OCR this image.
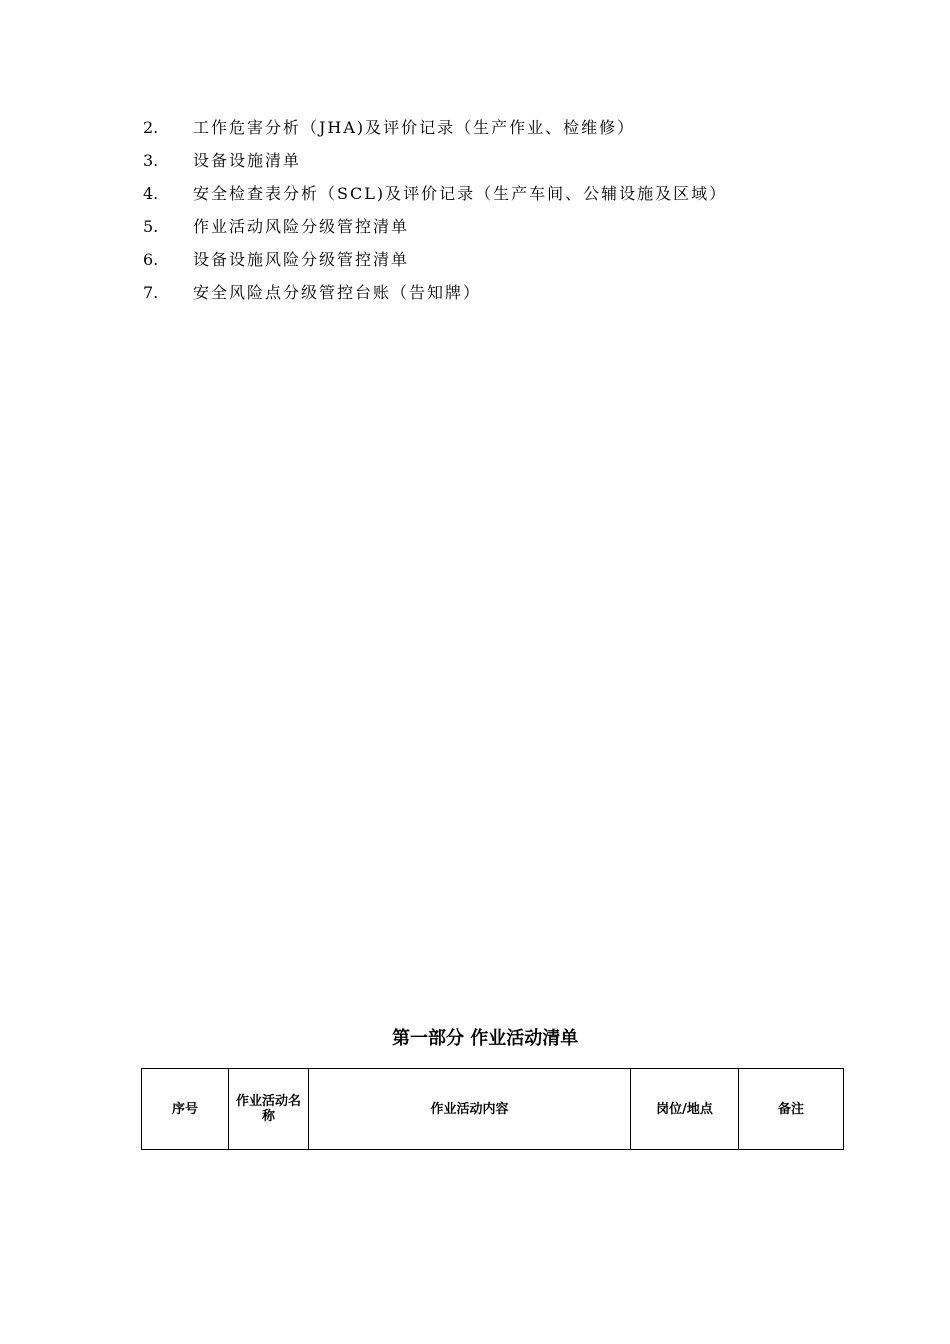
2. 工作危害分析（JHA)及评价记录（生产作业、检维修）
3. 设备设施清单
4. 安全检查表分析（SCL)及评价记录（生产车间、公辅设施及区域）
5. 作业活动风险分级管控清单
6. 设备设施风险分级管控清单
7. 安全风险点分级管控台账（告知牌）
第一部分 作业活动清单
序号	作业活动名称	作业活动内容	岗位/地点	备注
